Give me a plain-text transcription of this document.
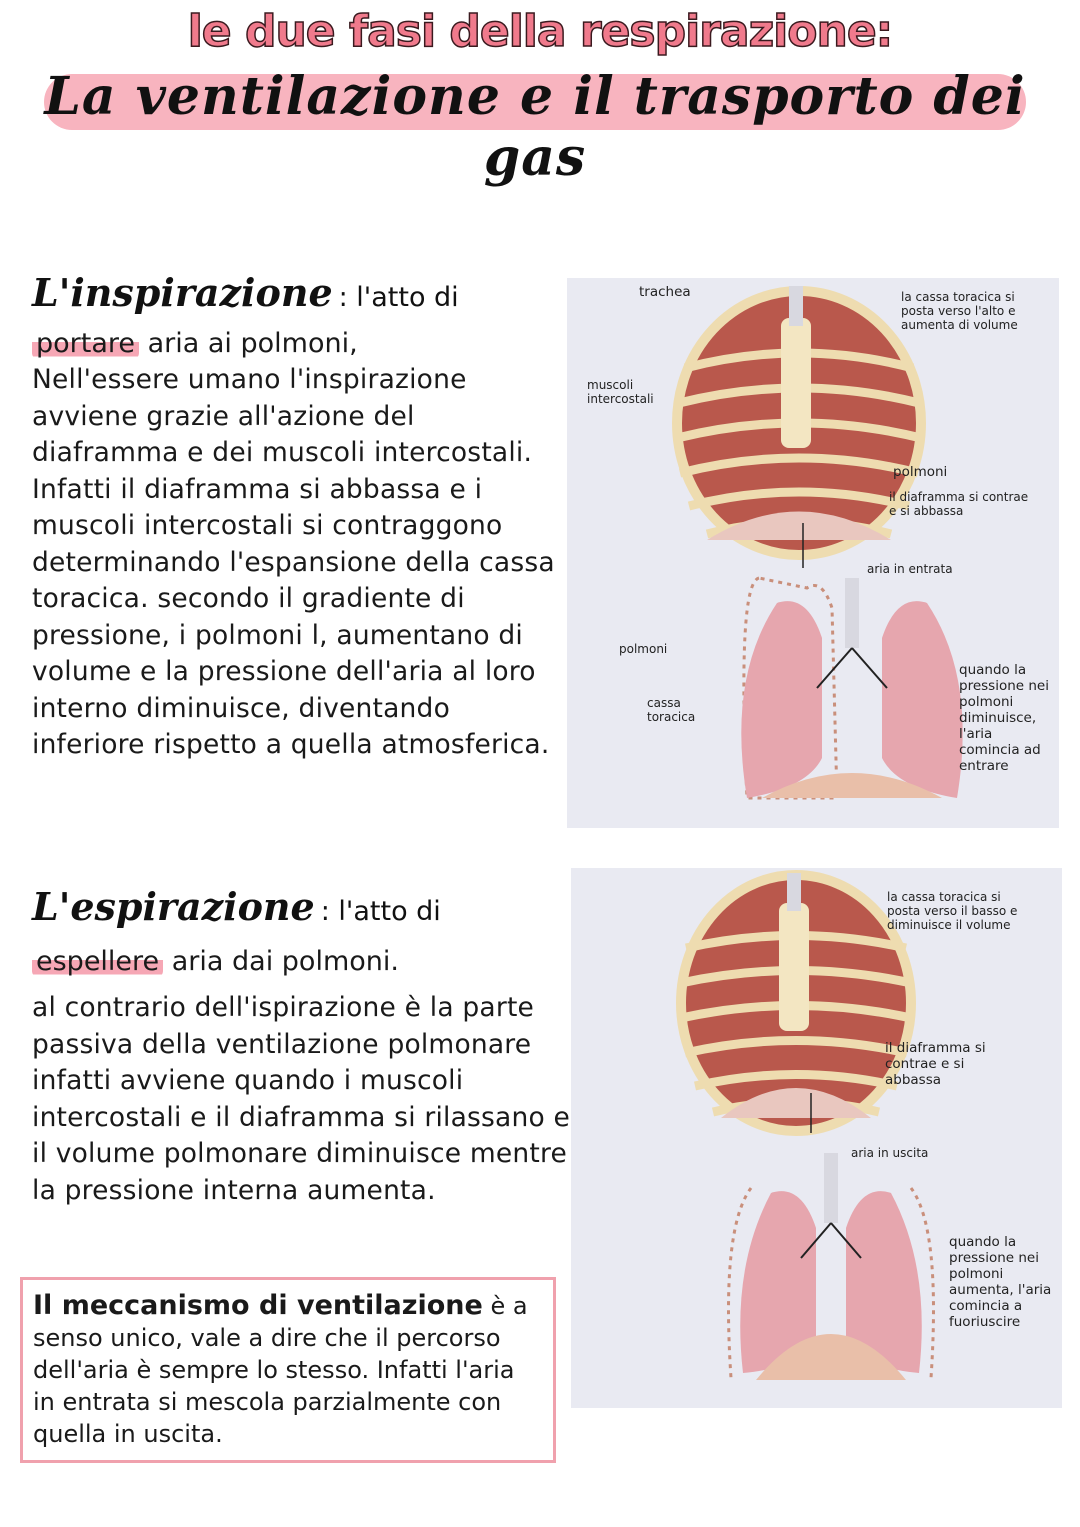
le due fasi della respirazione:
La ventilazione e il trasporto dei gas
L'inspirazione : l'atto di
portare aria ai polmoni,
Nell'essere umano l'inspirazione avviene grazie all'azione del diaframma e dei muscoli intercostali. Infatti il diaframma si abbassa e i muscoli intercostali si contraggono determinando l'espansione della cassa toracica. secondo il gradiente di pressione, i polmoni l, aumentano di volume e la pressione dell'aria al loro interno diminuisce, diventando inferiore rispetto a quella atmosferica.
trachea
muscoli intercostali
la cassa toracica si posta verso l'alto e aumenta di volume
polmoni
il diaframma si contrae e si abbassa
aria in entrata
polmoni
cassa toracica
quando la pressione nei polmoni diminuisce, l'aria comincia ad entrare
L'espirazione : l'atto di
espellere aria dai polmoni.
al contrario dell'ispirazione è la parte passiva della ventilazione polmonare infatti avviene quando i muscoli intercostali e il diaframma si rilassano e il volume polmonare diminuisce mentre la pressione interna aumenta.
la cassa toracica si posta verso il basso e diminuisce il volume
il diaframma si contrae e si abbassa
aria in uscita
quando la pressione nei polmoni aumenta, l'aria comincia a fuoriuscire
Il meccanismo di ventilazione è a senso unico, vale a dire che il percorso dell'aria è sempre lo stesso. Infatti l'aria in entrata si mescola parzialmente con quella in uscita.
